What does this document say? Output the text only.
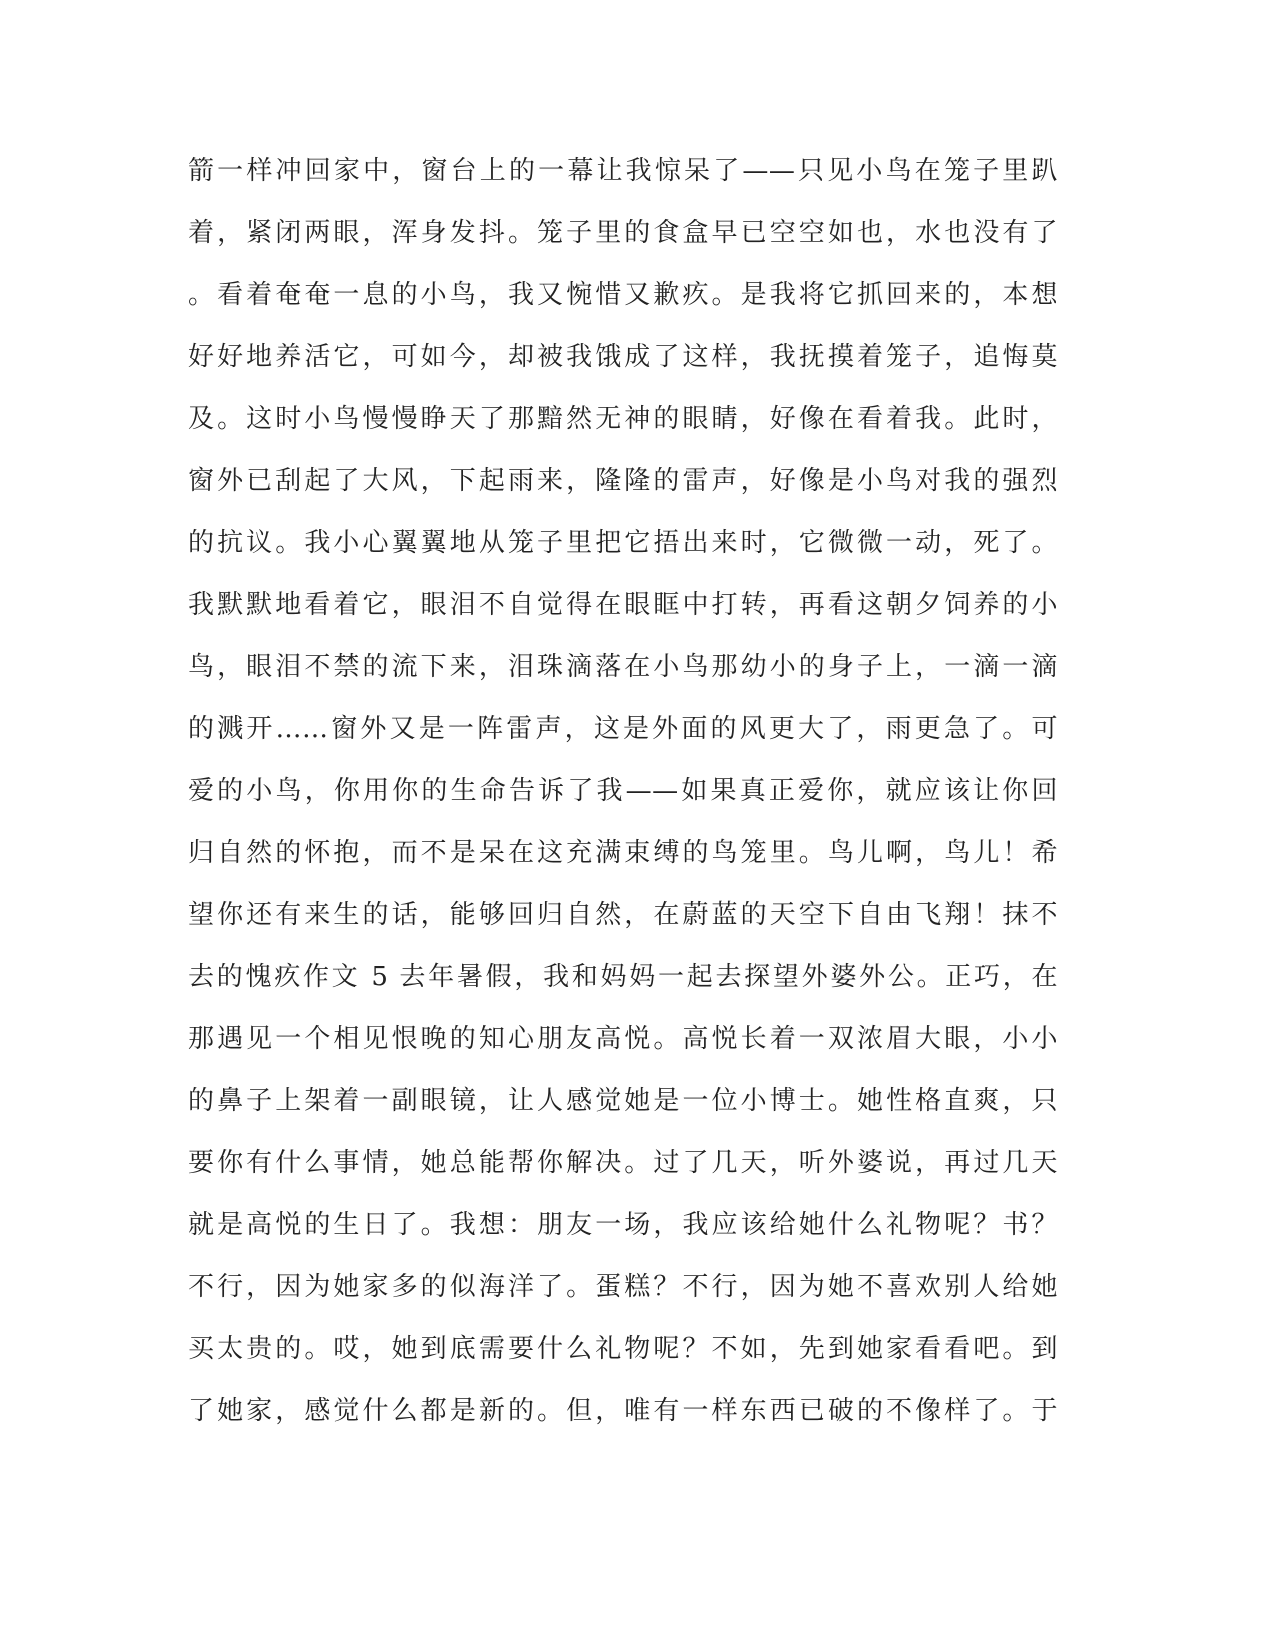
箭一样冲回家中，窗台上的一幕让我惊呆了——只见小鸟在笼子里趴
着，紧闭两眼，浑身发抖。笼子里的食盒早已空空如也，水也没有了
。看着奄奄一息的小鸟，我又惋惜又歉疚。是我将它抓回来的，本想
好好地养活它，可如今，却被我饿成了这样，我抚摸着笼子，追悔莫
及。这时小鸟慢慢睁天了那黯然无神的眼睛，好像在看着我。此时，
窗外已刮起了大风，下起雨来，隆隆的雷声，好像是小鸟对我的强烈
的抗议。我小心翼翼地从笼子里把它捂出来时，它微微一动，死了。
我默默地看着它，眼泪不自觉得在眼眶中打转，再看这朝夕饲养的小
鸟，眼泪不禁的流下来，泪珠滴落在小鸟那幼小的身子上，一滴一滴
的溅开……窗外又是一阵雷声，这是外面的风更大了，雨更急了。可
爱的小鸟，你用你的生命告诉了我——如果真正爱你，就应该让你回
归自然的怀抱，而不是呆在这充满束缚的鸟笼里。鸟儿啊，鸟儿！希
望你还有来生的话，能够回归自然，在蔚蓝的天空下自由飞翔！抹不
去的愧疚作文 5 去年暑假，我和妈妈一起去探望外婆外公。正巧，在
那遇见一个相见恨晚的知心朋友高悦。高悦长着一双浓眉大眼，小小
的鼻子上架着一副眼镜，让人感觉她是一位小博士。她性格直爽，只
要你有什么事情，她总能帮你解决。过了几天，听外婆说，再过几天
就是高悦的生日了。我想：朋友一场，我应该给她什么礼物呢？书？
不行，因为她家多的似海洋了。蛋糕？不行，因为她不喜欢别人给她
买太贵的。哎，她到底需要什么礼物呢？不如，先到她家看看吧。到
了她家，感觉什么都是新的。但，唯有一样东西已破的不像样了。于
